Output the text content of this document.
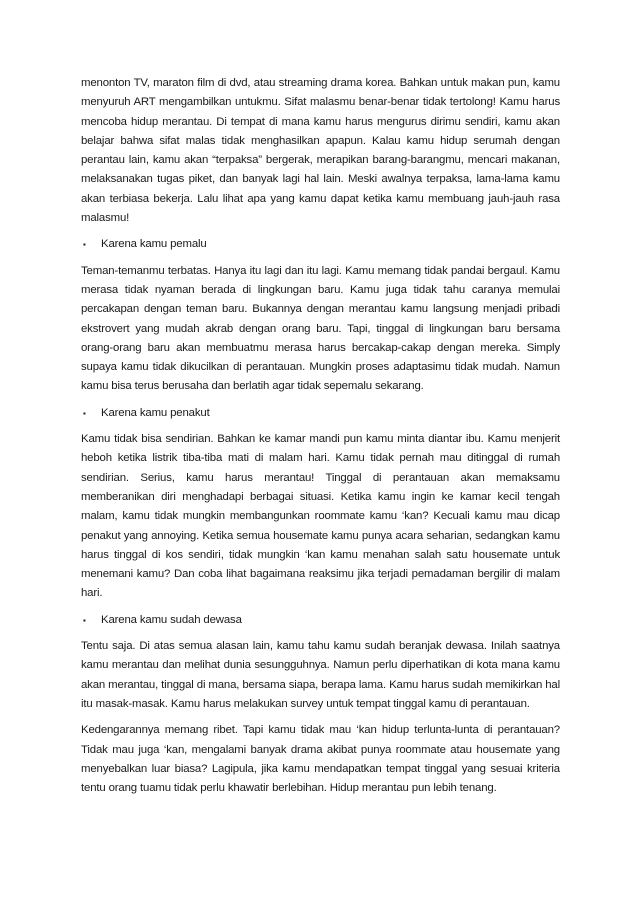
menonton TV, maraton film di dvd, atau streaming drama korea. Bahkan untuk makan pun, kamu menyuruh ART mengambilkan untukmu. Sifat malasmu benar-benar tidak tertolong! Kamu harus mencoba hidup merantau. Di tempat di mana kamu harus mengurus dirimu sendiri, kamu akan belajar bahwa sifat malas tidak menghasilkan apapun. Kalau kamu hidup serumah dengan perantau lain, kamu akan “terpaksa” bergerak, merapikan barang-barangmu, mencari makanan, melaksanakan tugas piket, dan banyak lagi hal lain. Meski awalnya terpaksa, lama-lama kamu akan terbiasa bekerja. Lalu lihat apa yang kamu dapat ketika kamu membuang jauh-jauh rasa malasmu!

▪	Karena kamu pemalu

Teman-temanmu terbatas. Hanya itu lagi dan itu lagi. Kamu memang tidak pandai bergaul. Kamu merasa tidak nyaman berada di lingkungan baru. Kamu juga tidak tahu caranya memulai percakapan dengan teman baru. Bukannya dengan merantau kamu langsung menjadi pribadi ekstrovert yang mudah akrab dengan orang baru. Tapi, tinggal di lingkungan baru bersama orang-orang baru akan membuatmu merasa harus bercakap-cakap dengan mereka. Simply supaya kamu tidak dikucilkan di perantauan. Mungkin proses adaptasimu tidak mudah. Namun kamu bisa terus berusaha dan berlatih agar tidak sepemalu sekarang.

▪	Karena kamu penakut

Kamu tidak bisa sendirian. Bahkan ke kamar mandi pun kamu minta diantar ibu. Kamu menjerit heboh ketika listrik tiba-tiba mati di malam hari. Kamu tidak pernah mau ditinggal di rumah sendirian. Serius, kamu harus merantau! Tinggal di perantauan akan memaksamu memberanikan diri menghadapi berbagai situasi. Ketika kamu ingin ke kamar kecil tengah malam, kamu tidak mungkin membangunkan roommate kamu ‘kan? Kecuali kamu mau dicap penakut yang annoying. Ketika semua housemate kamu punya acara seharian, sedangkan kamu harus tinggal di kos sendiri, tidak mungkin ‘kan kamu menahan salah satu housemate untuk menemani kamu? Dan coba lihat bagaimana reaksimu jika terjadi pemadaman bergilir di malam hari.

▪	Karena kamu sudah dewasa

Tentu saja. Di atas semua alasan lain, kamu tahu kamu sudah beranjak dewasa. Inilah saatnya kamu merantau dan melihat dunia sesungguhnya. Namun perlu diperhatikan di kota mana kamu akan merantau, tinggal di mana, bersama siapa, berapa lama. Kamu harus sudah memikirkan hal itu masak-masak. Kamu harus melakukan survey untuk tempat tinggal kamu di perantauan.

Kedengarannya memang ribet. Tapi kamu tidak mau ‘kan hidup terlunta-lunta di perantauan? Tidak mau juga ‘kan, mengalami banyak drama akibat punya roommate atau housemate yang menyebalkan luar biasa? Lagipula, jika kamu mendapatkan tempat tinggal yang sesuai kriteria tentu orang tuamu tidak perlu khawatir berlebihan. Hidup merantau pun lebih tenang.
